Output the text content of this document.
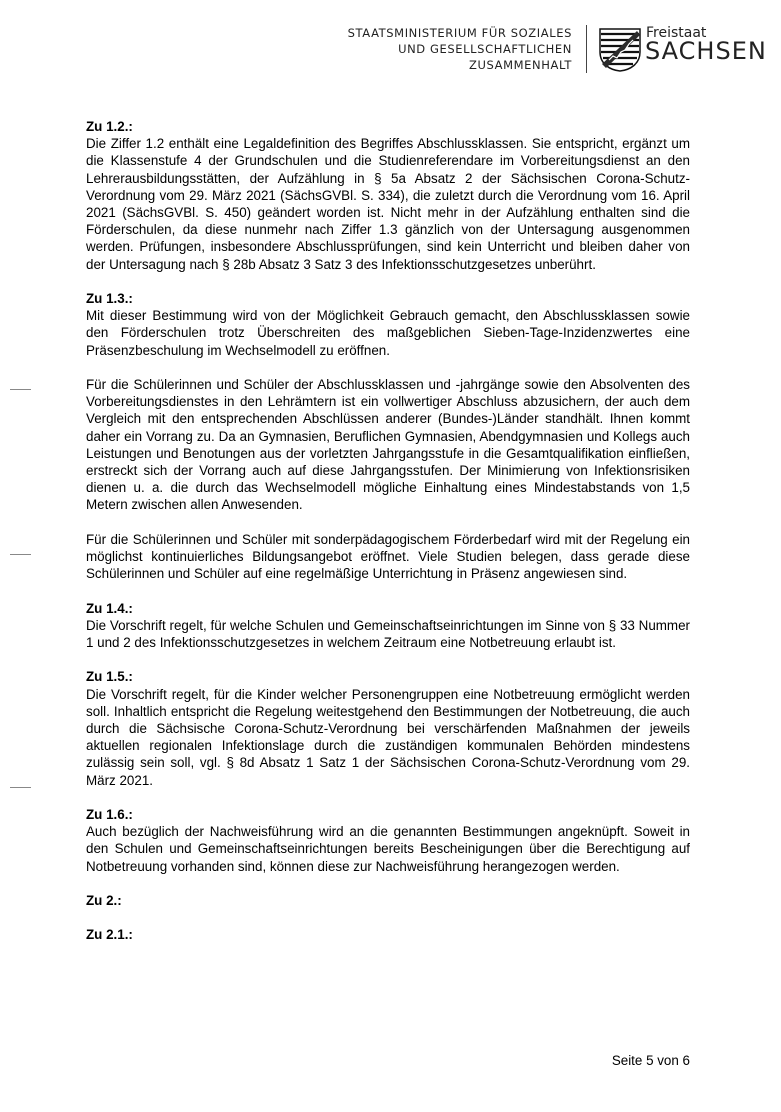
STAATSMINISTERIUM FÜR SOZIALES
UND GESELLSCHAFTLICHEN
ZUSAMMENHALT
Freistaat
SACHSEN
Zu 1.2.:

Die Ziffer 1.2 enthält eine Legaldefinition des Begriffes Abschlussklassen. Sie entspricht, ergänzt um die Klassenstufe 4 der Grundschulen und die Studienreferendare im Vorbereitungsdienst an den Lehrerausbildungsstätten, der Aufzählung in § 5a Absatz 2 der Sächsischen Corona-Schutz-Verordnung vom 29. März 2021 (SächsGVBl. S. 334), die zuletzt durch die Verordnung vom 16. April 2021 (SächsGVBl. S. 450) geändert worden ist. Nicht mehr in der Aufzählung enthalten sind die Förderschulen, da diese nunmehr nach Ziffer 1.3 gänzlich von der Untersagung ausgenommen werden. Prüfungen, insbesondere Abschlussprüfungen, sind kein Unterricht und bleiben daher von der Untersagung nach § 28b Absatz 3 Satz 3 des Infektionsschutzgesetzes unberührt.

Zu 1.3.:

Mit dieser Bestimmung wird von der Möglichkeit Gebrauch gemacht, den Abschlussklassen sowie den Förderschulen trotz Überschreiten des maßgeblichen Sieben-Tage-Inzidenzwertes eine Präsenzbeschulung im Wechselmodell zu eröffnen.

Für die Schülerinnen und Schüler der Abschlussklassen und -jahrgänge sowie den Absolventen des Vorbereitungsdienstes in den Lehrämtern ist ein vollwertiger Abschluss abzusichern, der auch dem Vergleich mit den entsprechenden Abschlüssen anderer (Bundes-)Länder standhält. Ihnen kommt daher ein Vorrang zu. Da an Gymnasien, Beruflichen Gymnasien, Abendgymnasien und Kollegs auch Leistungen und Benotungen aus der vorletzten Jahrgangsstufe in die Gesamtqualifikation einfließen, erstreckt sich der Vorrang auch auf diese Jahrgangsstufen. Der Minimierung von Infektionsrisiken dienen u. a. die durch das Wechselmodell mögliche Einhaltung eines Mindestabstands von 1,5 Metern zwischen allen Anwesenden.

Für die Schülerinnen und Schüler mit sonderpädagogischem Förderbedarf wird mit der Regelung ein möglichst kontinuierliches Bildungsangebot eröffnet. Viele Studien belegen, dass gerade diese Schülerinnen und Schüler auf eine regelmäßige Unterrichtung in Präsenz angewiesen sind.

Zu 1.4.:

Die Vorschrift regelt, für welche Schulen und Gemeinschaftseinrichtungen im Sinne von § 33 Nummer 1 und 2 des Infektionsschutzgesetzes in welchem Zeitraum eine Notbetreuung erlaubt ist.

Zu 1.5.:

Die Vorschrift regelt, für die Kinder welcher Personengruppen eine Notbetreuung ermöglicht werden soll. Inhaltlich entspricht die Regelung weitestgehend den Bestimmungen der Notbetreuung, die auch durch die Sächsische Corona-Schutz-Verordnung bei verschärfenden Maßnahmen der jeweils aktuellen regionalen Infektionslage durch die zuständigen kommunalen Behörden mindestens zulässig sein soll, vgl. § 8d Absatz 1 Satz 1 der Sächsischen Corona-Schutz-Verordnung vom 29. März 2021.

Zu 1.6.:

Auch bezüglich der Nachweisführung wird an die genannten Bestimmungen angeknüpft. Soweit in den Schulen und Gemeinschaftseinrichtungen bereits Bescheinigungen über die Berechtigung auf Notbetreuung vorhanden sind, können diese zur Nachweisführung herangezogen werden.

Zu 2.:
Zu 2.1.:
Seite 5 von 6
